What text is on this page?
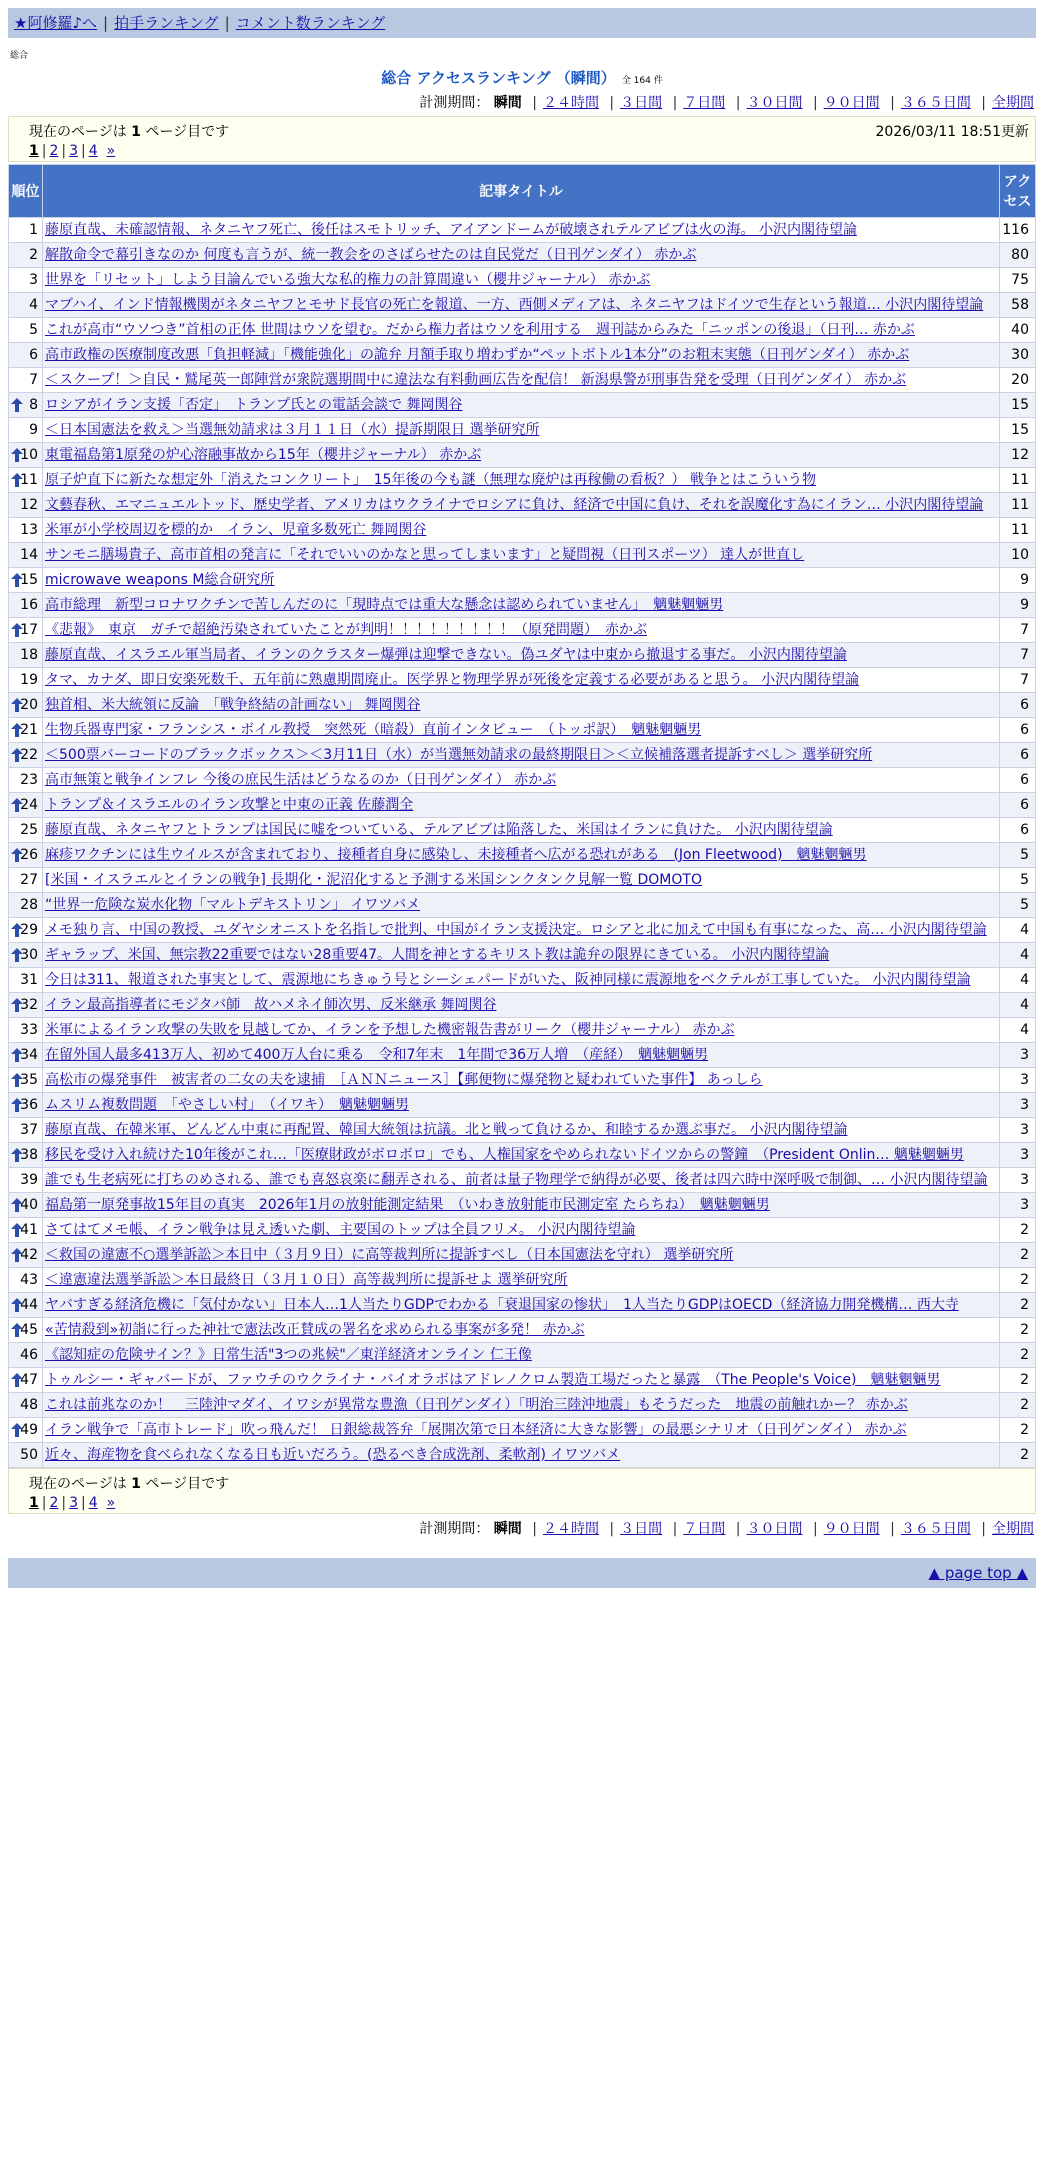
★阿修羅♪へ | 拍手ランキング | コメント数ランキング
総合
総合 アクセスランキング （瞬間） 全 164 件
計測期間： 瞬間 | ２４時間 | ３日間 | ７日間 | ３０日間 | ９０日間 | ３６５日間 | 全期間
現在のページは 1 ページ目です	2026/03/11 18:51更新
1 | 2 | 3 | 4 »
順位	記事タイトル	アクセス
1	藤原直哉、未確認情報、ネタニヤフ死亡、後任はスモトリッチ、アイアンドームが破壊されテルアビブは火の海。 小沢内閣待望論	116
2	解散命令で幕引きなのか 何度も言うが、統一教会をのさばらせたのは自民党だ（日刊ゲンダイ） 赤かぶ	80
3	世界を「リセット」しよう目論んでいる強大な私的権力の計算間違い（櫻井ジャーナル） 赤かぶ	75
4	マブハイ、インド情報機関がネタニヤフとモサド長官の死亡を報道、一方、西側メディアは、ネタニヤフはドイツで生存という報道… 小沢内閣待望論	58
5	これが高市“ウソつき”首相の正体 世間はウソを望む。だから権力者はウソを利用する　週刊誌からみた「ニッポンの後退」（日刊… 赤かぶ	40
6	高市政権の医療制度改悪「負担軽減」「機能強化」の詭弁 月額手取り増わずか“ペットボトル1本分”のお粗末実態（日刊ゲンダイ） 赤かぶ	30
7	＜スクープ！＞自民・鷲尾英一郎陣営が衆院選期間中に違法な有料動画広告を配信！ 新潟県警が刑事告発を受理（日刊ゲンダイ） 赤かぶ	20

8	ロシアがイラン支援「否定」　トランプ氏との電話会談で 舞岡関谷	15
9	＜日本国憲法を救え＞当選無効請求は３月１１日（水）提訴期限日 選挙研究所	15

10	東電福島第1原発の炉心溶融事故から15年（櫻井ジャーナル） 赤かぶ	12

11	原子炉直下に新たな想定外「消えたコンクリート」　15年後の今も謎（無理な廃炉は再稼働の看板？） 戦争とはこういう物	11
12	文藝春秋、エマニュエルトッド、歴史学者、アメリカはウクライナでロシアに負け、経済で中国に負け、それを誤魔化す為にイラン… 小沢内閣待望論	11
13	米軍が小学校周辺を標的か　イラン、児童多数死亡 舞岡関谷	11
14	サンモニ膳場貴子、高市首相の発言に「それでいいのかなと思ってしまいます」と疑問視（日刊スポーツ） 達人が世直し	10

15	microwave weapons M総合研究所	9
16	高市総理　新型コロナワクチンで苦しんだのに「現時点では重大な懸念は認められていません」　魑魅魍魎男	9

17	《悲報》　東京　ガチで超絶汚染されていたことが判明！！！！！！！！！（原発問題）　赤かぶ	7
18	藤原直哉、イスラエル軍当局者、イランのクラスター爆弾は迎撃できない。偽ユダヤは中東から撤退する事だ。 小沢内閣待望論	7
19	タマ、カナダ、即日安楽死数千、五年前に熟慮期間廃止。医学界と物理学界が死後を定義する必要があると思う。 小沢内閣待望論	7

20	独首相、米大統領に反論　「戦争終結の計画ない」 舞岡関谷	6

21	生物兵器専門家・フランシス・ボイル教授　突然死（暗殺）直前インタビュー　（トッポ訳）　魑魅魍魎男	6

22	＜500票バーコードのブラックボックス＞＜3月11日（水）が当選無効請求の最終期限日＞＜立候補落選者提訴すべし＞ 選挙研究所	6
23	高市無策と戦争インフレ 今後の庶民生活はどうなるのか（日刊ゲンダイ） 赤かぶ	6

24	トランプ＆イスラエルのイラン攻撃と中東の正義 佐藤潤全	6
25	藤原直哉、ネタニヤフとトランプは国民に嘘をついている、テルアビブは陥落した、米国はイランに負けた。 小沢内閣待望論	6

26	麻疹ワクチンには生ウイルスが含まれており、接種者自身に感染し、未接種者へ広がる恐れがある　(Jon Fleetwood)　魑魅魍魎男	5
27	[米国・イスラエルとイランの戦争] 長期化・泥沼化すると予測する米国シンクタンク見解一覧 DOMOTO	5
28	“世界一危険な炭水化物「マルトデキストリン」 イワツバメ	5

29	メモ独り言、中国の教授、ユダヤシオニストを名指しで批判、中国がイラン支援決定。ロシアと北に加えて中国も有事になった、高… 小沢内閣待望論	4

30	ギャラップ、米国、無宗教22重要ではない28重要47。人間を神とするキリスト教は詭弁の限界にきている。 小沢内閣待望論	4
31	今日は311、報道された事実として、震源地にちきゅう号とシーシェパードがいた、阪神同様に震源地をベクテルが工事していた。 小沢内閣待望論	4

32	イラン最高指導者にモジタバ師　故ハメネイ師次男、反米継承 舞岡関谷	4
33	米軍によるイラン攻撃の失敗を見越してか、イランを予想した機密報告書がリーク（櫻井ジャーナル） 赤かぶ	4

34	在留外国人最多413万人、初めて400万人台に乗る　令和7年末　1年間で36万人増　（産経）　魑魅魍魎男	3

35	高松市の爆発事件　被害者の二女の夫を逮捕　［ＡＮＮニュース］【郵便物に爆発物と疑われていた事件】 あっしら	3

36	ムスリム複数問題　「やさしい村」　（イワキ）　魑魅魍魎男	3
37	藤原直哉、在韓米軍、どんどん中東に再配置、韓国大統領は抗議。北と戦って負けるか、和睦するか選ぶ事だ。 小沢内閣待望論	3

38	移民を受け入れ続けた10年後がこれ…「医療財政がボロボロ」でも、人権国家をやめられないドイツからの警鐘　（President Onlin… 魑魅魍魎男	3
39	誰でも生老病死に打ちのめされる、誰でも喜怒哀楽に翻弄される、前者は量子物理学で納得が必要、後者は四六時中深呼吸で制御、… 小沢内閣待望論	3

40	福島第一原発事故15年目の真実　2026年1月の放射能測定結果　（いわき放射能市民測定室 たらちね）　魑魅魍魎男	3

41	さてはてメモ帳、イラン戦争は見え透いた劇、主要国のトップは全員フリメ。 小沢内閣待望論	2

42	＜救国の違憲不○選挙訴訟＞本日中（３月９日）に高等裁判所に提訴すべし（日本国憲法を守れ） 選挙研究所	2
43	＜違憲違法選挙訴訟＞本日最終日（３月１０日）高等裁判所に提訴せよ 選挙研究所	2

44	ヤバすぎる経済危機に「気付かない」日本人…1人当たりGDPでわかる「衰退国家の惨状」　1人当たりGDPはOECD（経済協力開発機構… 西大寺	2

45	«苦情殺到»初詣に行った神社で憲法改正賛成の署名を求められる事案が多発！ 赤かぶ	2
46	《認知症の危険サイン？》日常生活"3つの兆候"／東洋経済オンライン 仁王像	2

47	トゥルシー・ギャバードが、ファウチのウクライナ・バイオラボはアドレノクロム製造工場だったと暴露　（The People's Voice)　魑魅魍魎男	2
48	これは前兆なのか！　三陸沖マダイ、イワシが異常な豊漁（日刊ゲンダイ）「明治三陸沖地震」もそうだった　地震の前触れかー？ 赤かぶ	2

49	イラン戦争で「高市トレード」吹っ飛んだ！ 日銀総裁答弁「展開次第で日本経済に大きな影響」の最悪シナリオ（日刊ゲンダイ） 赤かぶ	2
50	近々、海産物を食べられなくなる日も近いだろう。(恐るべき合成洗剤、柔軟剤) イワツバメ	2
現在のページは 1 ページ目です
1 | 2 | 3 | 4 »
計測期間： 瞬間 | ２４時間 | ３日間 | ７日間 | ３０日間 | ９０日間 | ３６５日間 | 全期間
▲ page top ▲
